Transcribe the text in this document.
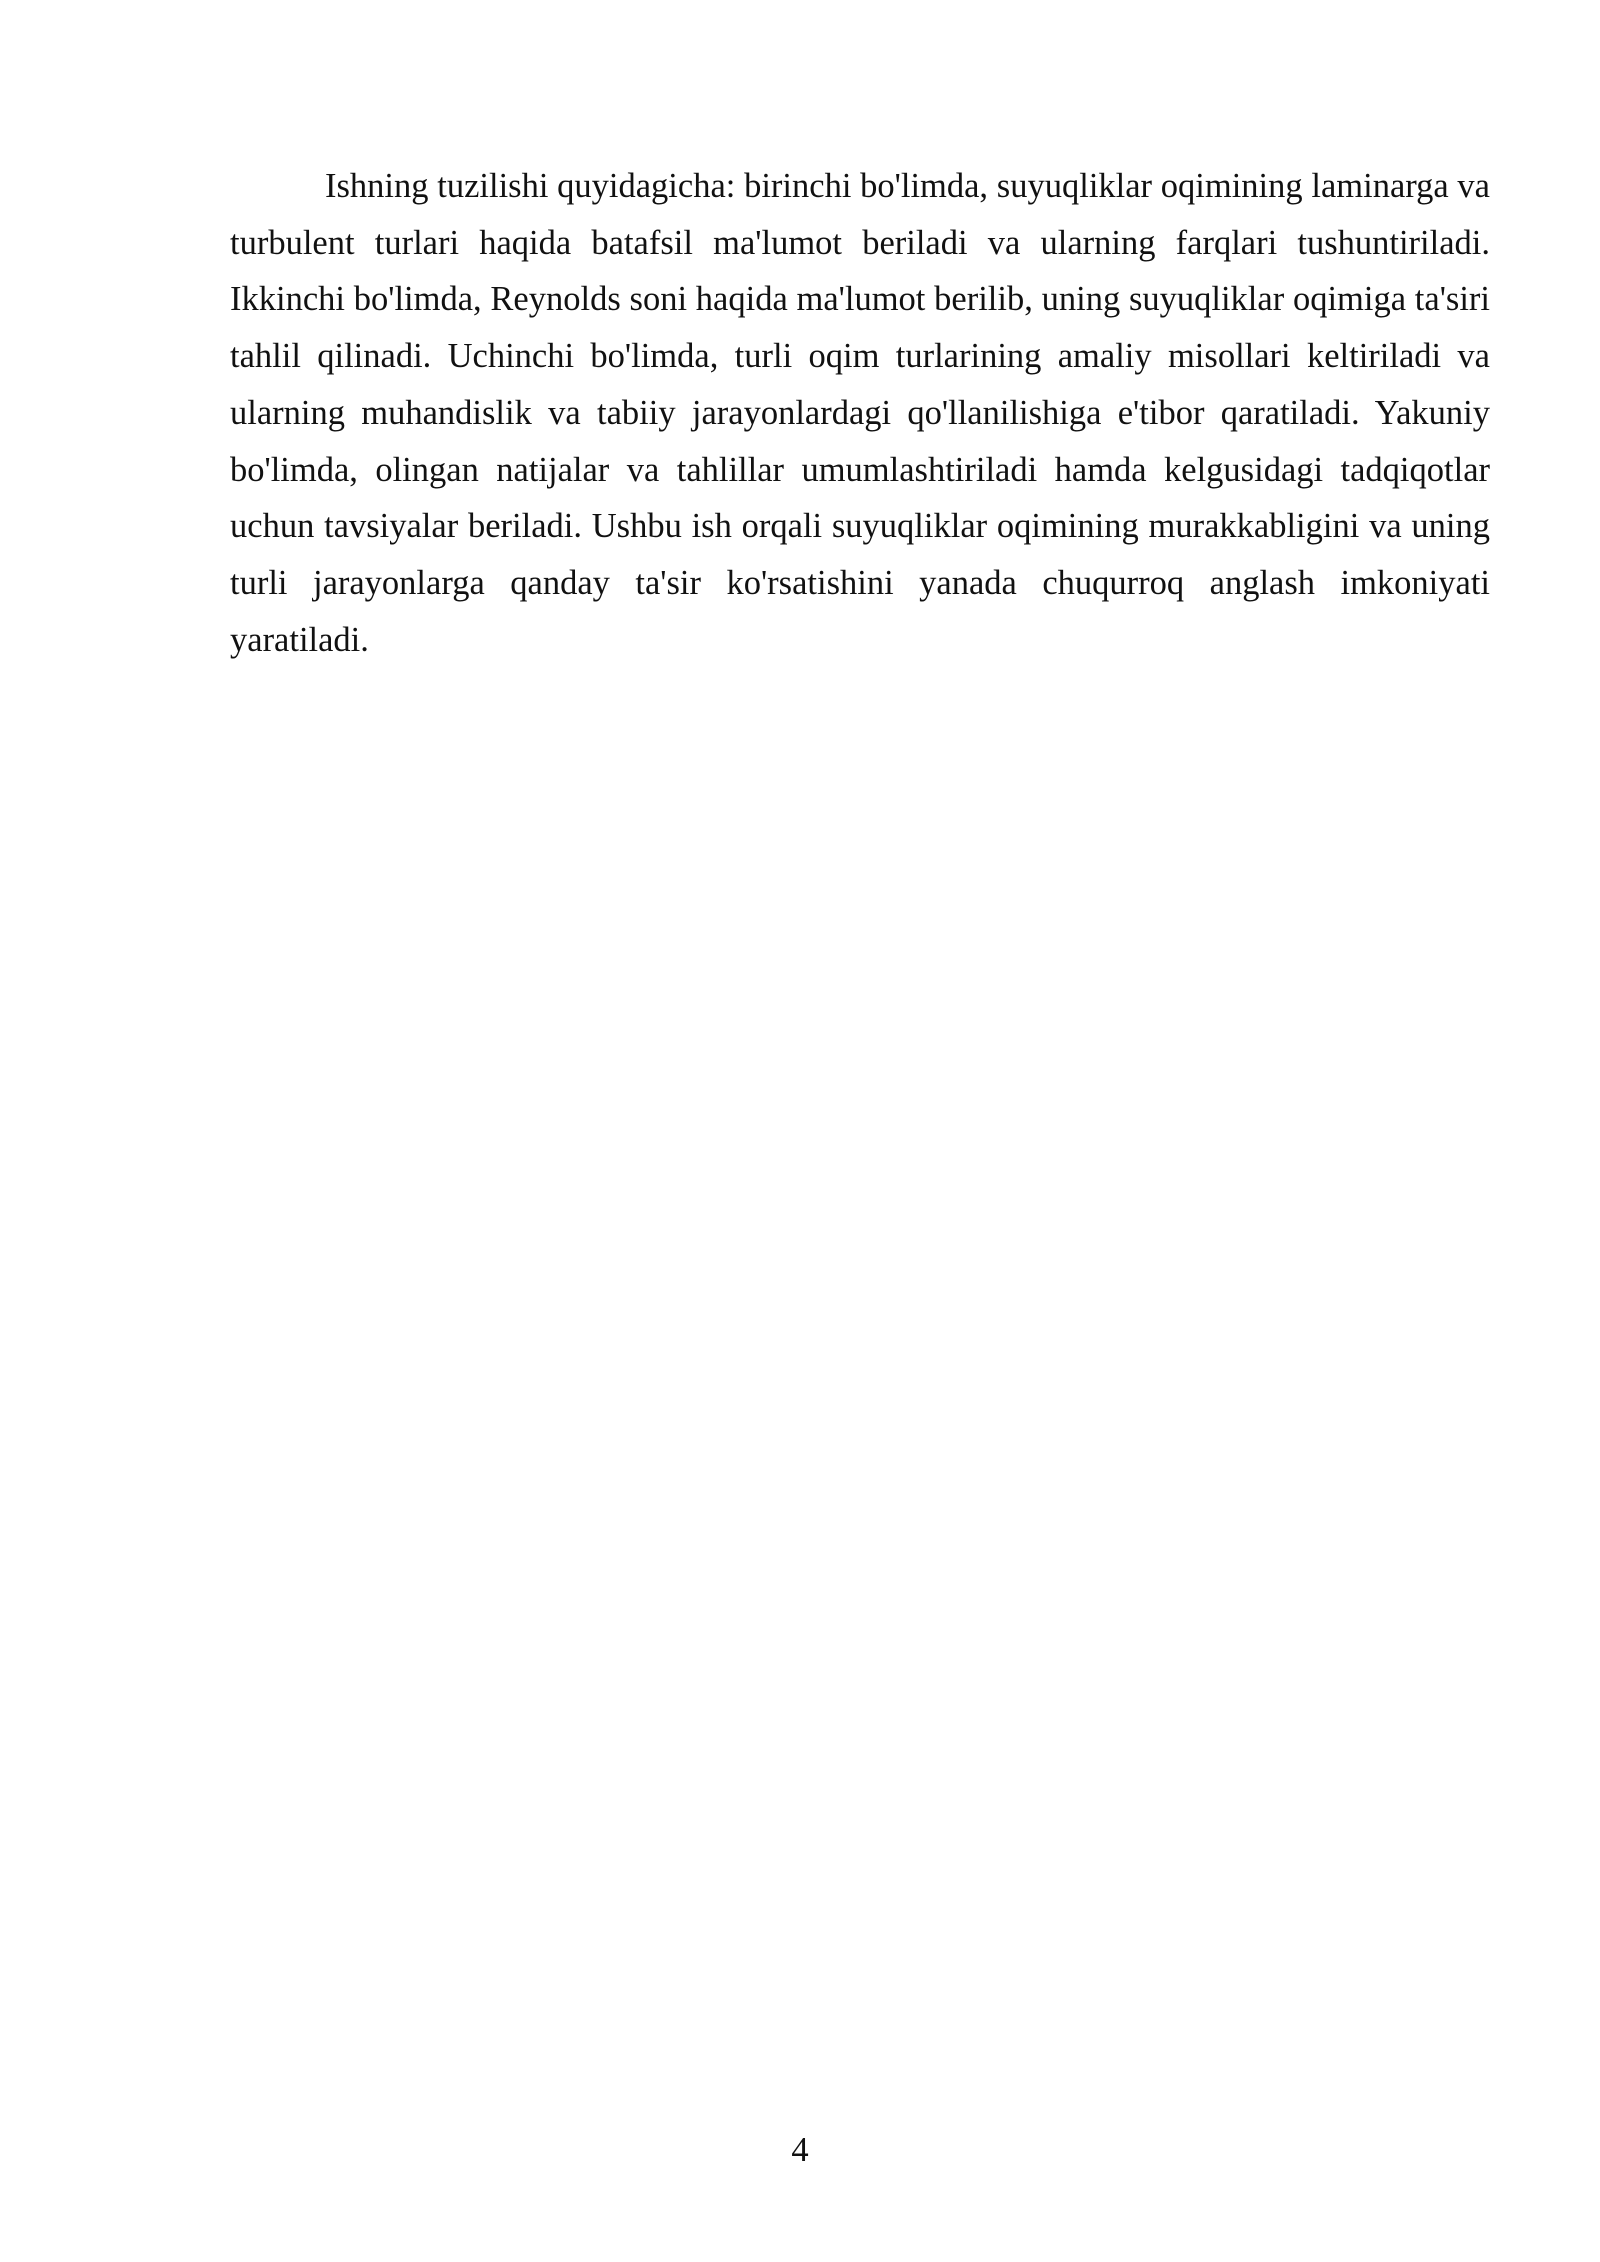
Ishning tuzilishi quyidagicha: birinchi bo'limda, suyuqliklar oqimining laminarga va turbulent turlari haqida batafsil ma'lumot beriladi va ularning farqlari tushuntiriladi. Ikkinchi bo'limda, Reynolds soni haqida ma'lumot berilib, uning suyuqliklar oqimiga ta'siri tahlil qilinadi. Uchinchi bo'limda, turli oqim turlarining amaliy misollari keltiriladi va ularning muhandislik va tabiiy jarayonlardagi qo'llanilishiga e'tibor qaratiladi. Yakuniy bo'limda, olingan natijalar va tahlillar umumlashtiriladi hamda kelgusidagi tadqiqotlar uchun tavsiyalar beriladi. Ushbu ish orqali suyuqliklar oqimining murakkabligini va uning turli jarayonlarga qanday ta'sir ko'rsatishini yanada chuqurroq anglash imkoniyati yaratiladi.

4
